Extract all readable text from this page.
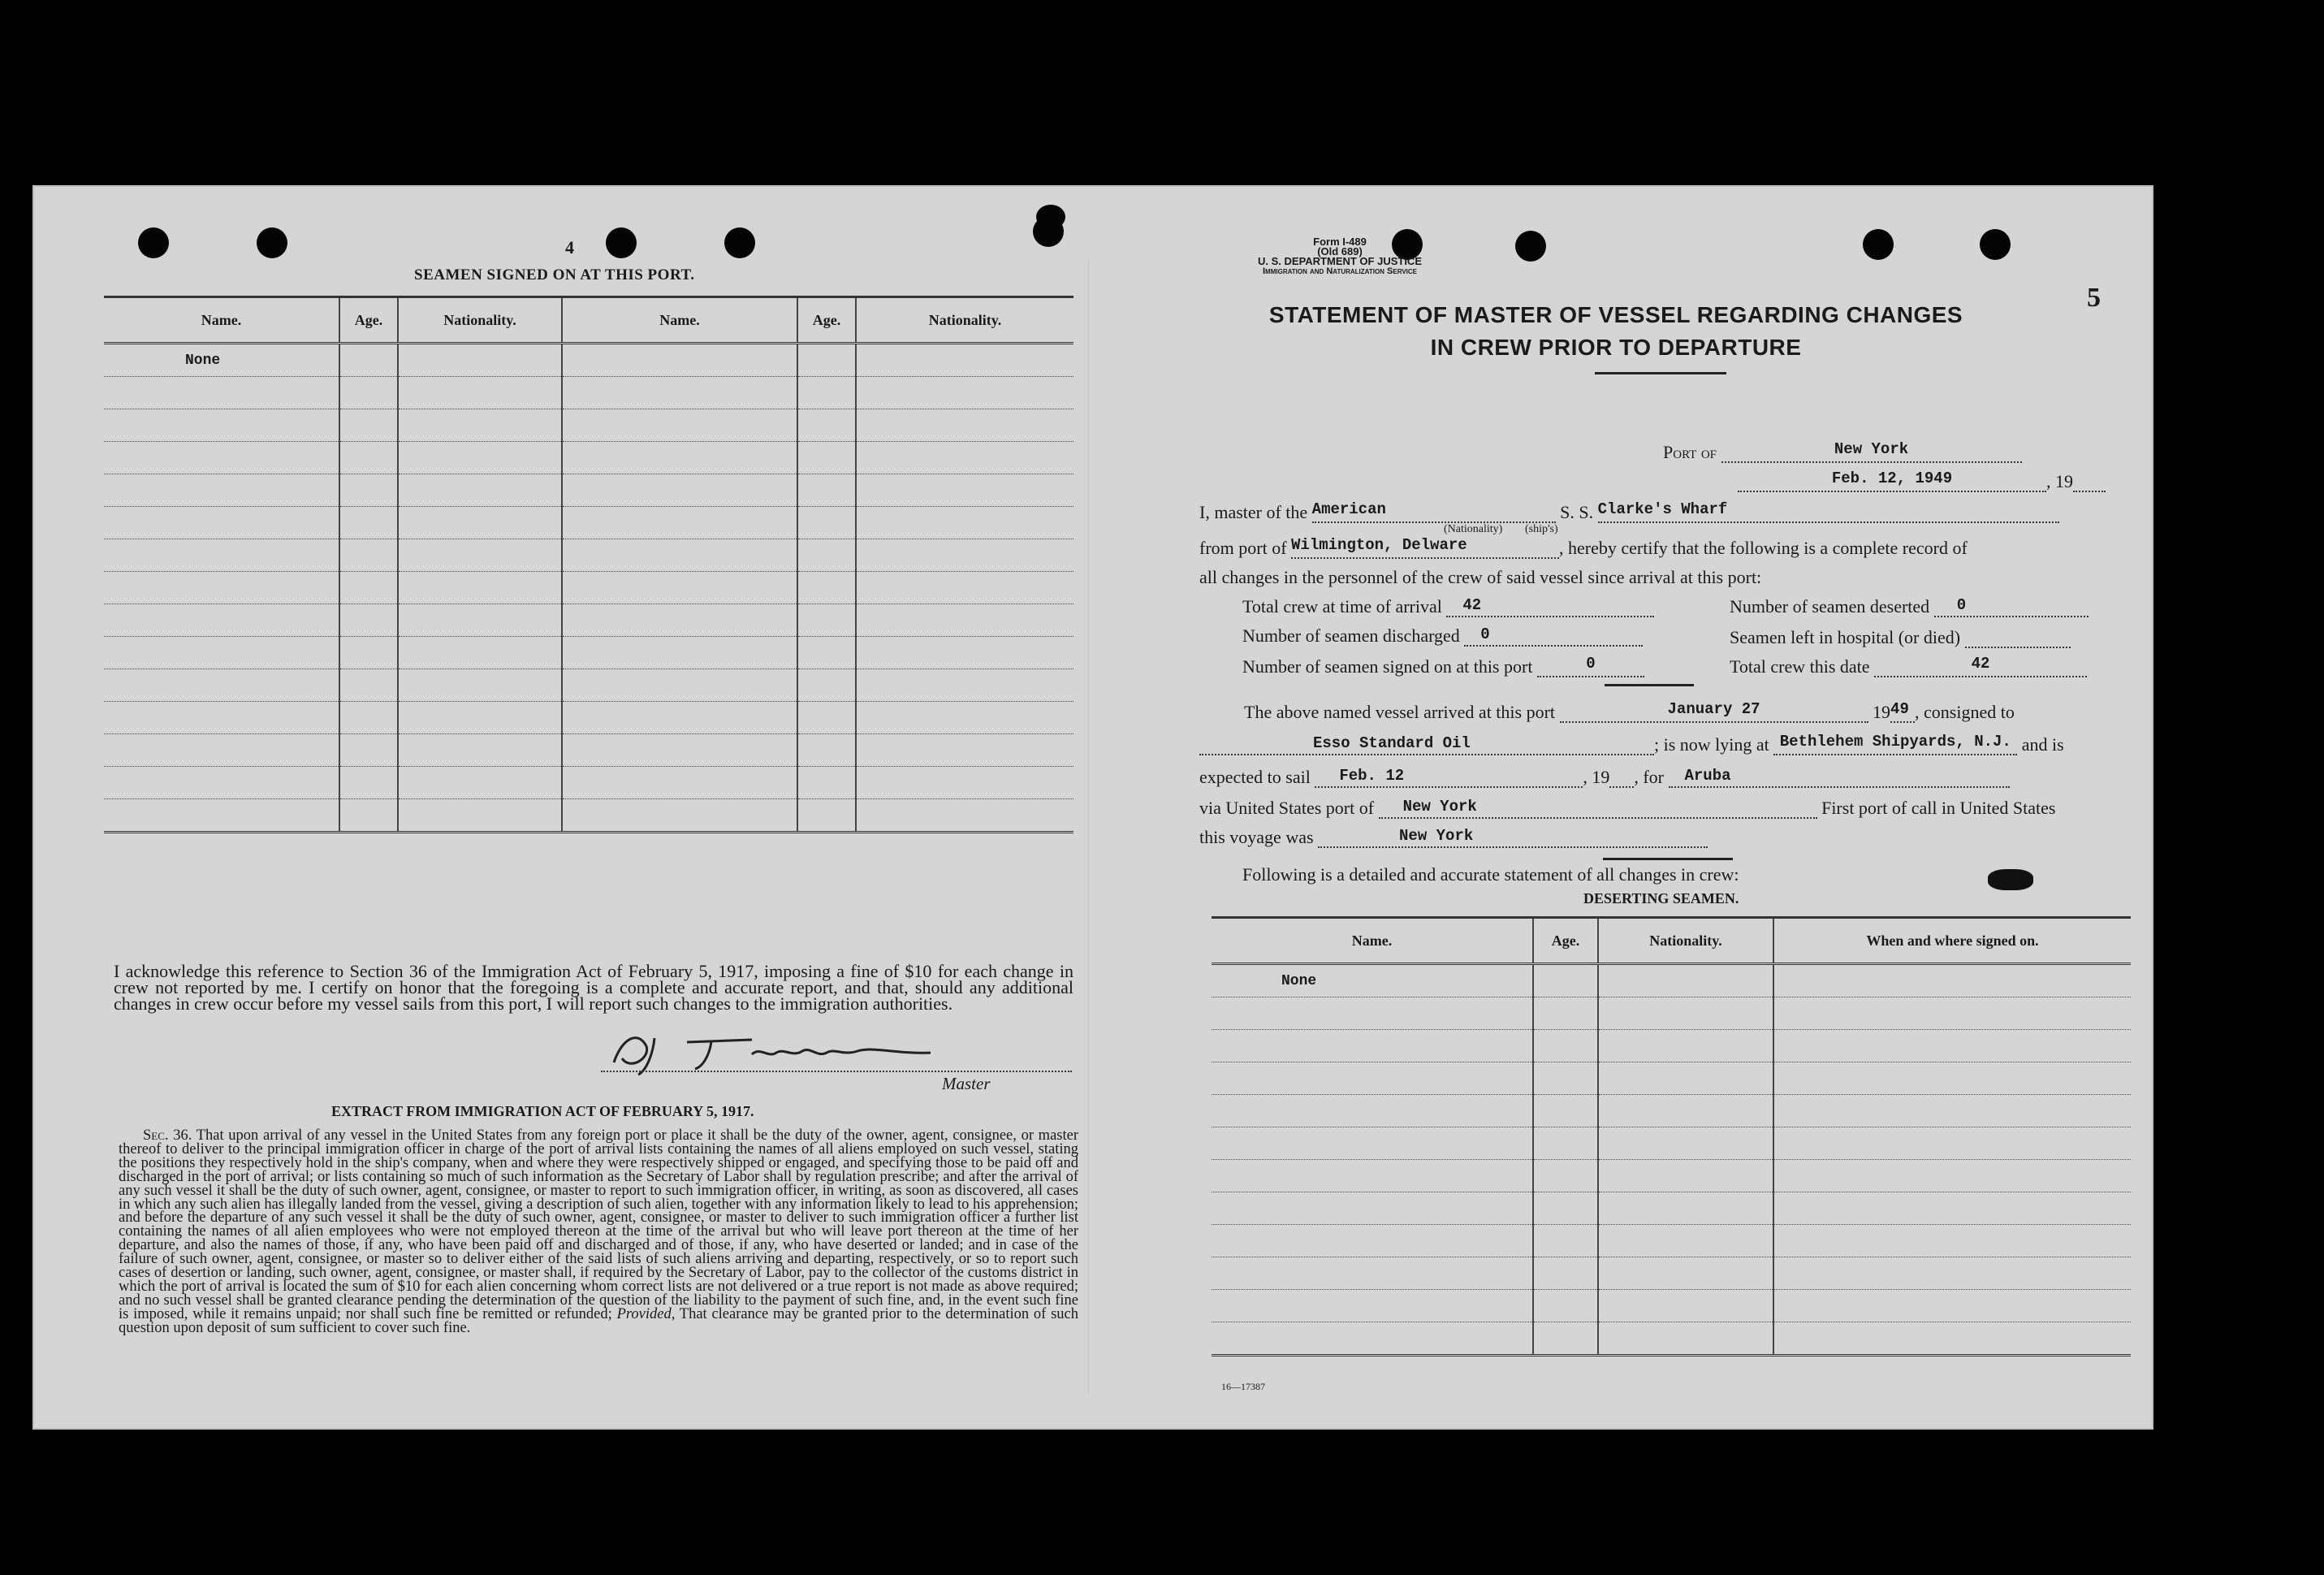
4
SEAMEN SIGNED ON AT THIS PORT.
Name.	Age.	Nationality.	Name.	Age.	Nationality.
None					

I acknowledge this reference to Section 36 of the Immigration Act of February 5, 1917, imposing a fine of $10 for each change in crew not reported by me. I certify on honor that the foregoing is a complete and accurate report, and that, should any additional changes in crew occur before my vessel sails from this port, I will report such changes to the immigration authorities.
Master
EXTRACT FROM IMMIGRATION ACT OF FEBRUARY 5, 1917.
Sec. 36. That upon arrival of any vessel in the United States from any foreign port or place it shall be the duty of the owner, agent, consignee, or master thereof to deliver to the principal immigration officer in charge of the port of arrival lists containing the names of all aliens employed on such vessel, stating the positions they respectively hold in the ship's company, when and where they were respectively shipped or engaged, and specifying those to be paid off and discharged in the port of arrival; or lists containing so much of such information as the Secretary of Labor shall by regulation prescribe; and after the arrival of any such vessel it shall be the duty of such owner, agent, consignee, or master to report to such immigration officer, in writing, as soon as discovered, all cases in which any such alien has illegally landed from the vessel, giving a description of such alien, together with any information likely to lead to his apprehension; and before the departure of any such vessel it shall be the duty of such owner, agent, consignee, or master to deliver to such immigration officer a further list containing the names of all alien employees who were not employed thereon at the time of the arrival but who will leave port thereon at the time of her departure, and also the names of those, if any, who have been paid off and discharged and of those, if any, who have deserted or landed; and in case of the failure of such owner, agent, consignee, or master so to deliver either of the said lists of such aliens arriving and departing, respectively, or so to report such cases of desertion or landing, such owner, agent, consignee, or master shall, if required by the Secretary of Labor, pay to the collector of the customs district in which the port of arrival is located the sum of $10 for each alien concerning whom correct lists are not delivered or a true report is not made as above required; and no such vessel shall be granted clearance pending the determination of the question of the liability to the payment of such fine, and, in the event such fine is imposed, while it remains unpaid; nor shall such fine be remitted or refunded; Provided, That clearance may be granted prior to the determination of such question upon deposit of sum sufficient to cover such fine.
Form I-489
(Old 689)
U. S. DEPARTMENT OF JUSTICE
Immigration and Naturalization Service
5
STATEMENT OF MASTER OF VESSEL REGARDING CHANGES
IN CREW PRIOR TO DEPARTURE
Port of	New York
Feb. 12, 1949	, 19
I, master of the American	S. S. Clarke's Wharf
(Nationality) (ship's)
from port of Wilmington, Delware	, hereby certify that the following is a complete record of
all changes in the personnel of the crew of said vessel since arrival at this port:
Total crew at time of arrival 42	Number of seamen deserted 0
Number of seamen discharged 0	Seamen left in hospital (or died)
Number of seamen signed on at this port	0	Total crew this date	42
The above named vessel arrived at this port	January 27	1949 , consigned to
Esso Standard Oil	; is now lying at Bethlehem Shipyards, N.J. and is
expected to sail Feb. 12	, 19 , for Aruba
via United States port of New York	First port of call in United States
this voyage was	New York
Following is a detailed and accurate statement of all changes in crew:
DESERTING SEAMEN.
Name.	Age.	Nationality.	When and where signed on.
None			

16—17387
